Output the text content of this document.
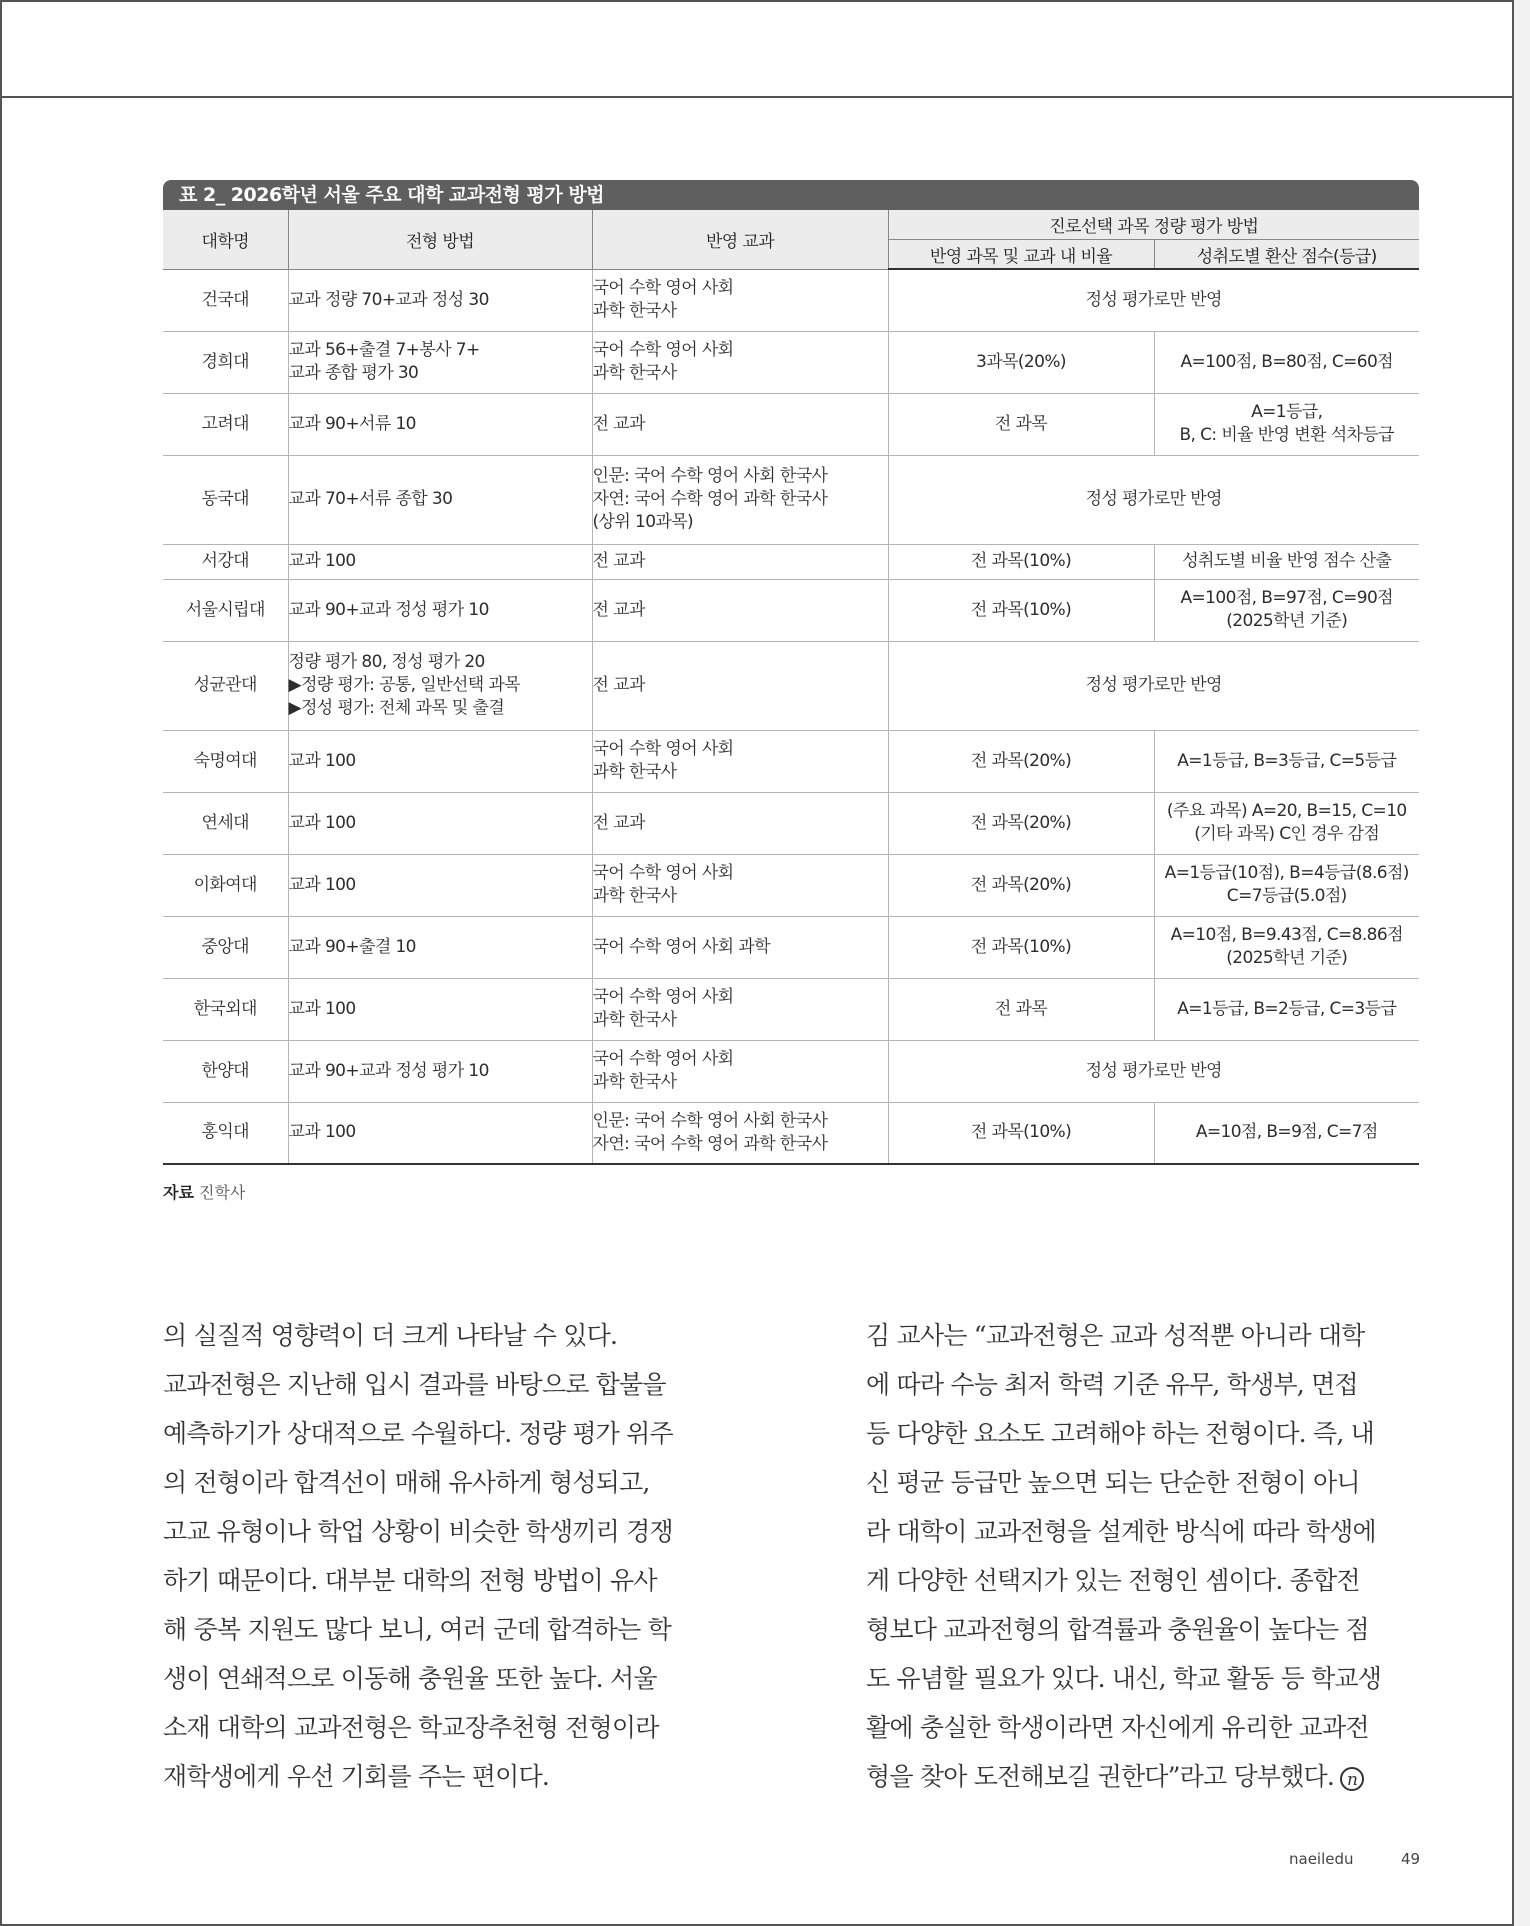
표 2_ 2026학년 서울 주요 대학 교과전형 평가 방법
대학명	전형 방법	반영 교과	진로선택 과목 정량 평가 방법	
			반영 과목 및 교과 내 비율	성취도별 환산 점수(등급)
건국대	교과 정량 70+교과 정성 30	국어 수학 영어 사회
과학 한국사	정성 평가로만 반영	
경희대	교과 56+출결 7+봉사 7+
교과 종합 평가 30	국어 수학 영어 사회
과학 한국사	3과목(20%)	A=100점, B=80점, C=60점

고려대	교과 90+서류 10	전 교과	전 과목	A=1등급,
B, C: 비율 반영 변환 석차등급

동국대	교과 70+서류 종합 30	인문: 국어 수학 영어 사회 한국사
자연: 국어 수학 영어 과학 한국사
(상위 10과목)	정성 평가로만 반영	
서강대	교과 100	전 교과	전 과목(10%)	성취도별 비율 반영 점수 산출

서울시립대	교과 90+교과 정성 평가 10	전 교과	전 과목(10%)	A=100점, B=97점, C=90점
(2025학년 기준)

성균관대	정량 평가 80, 정성 평가 20
▶정량 평가: 공통, 일반선택 과목
▶정성 평가: 전체 과목 및 출결	전 교과	정성 평가로만 반영	
숙명여대	교과 100	국어 수학 영어 사회
과학 한국사	전 과목(20%)	A=1등급, B=3등급, C=5등급

연세대	교과 100	전 교과	전 과목(20%)	(주요 과목) A=20, B=15, C=10
(기타 과목) C인 경우 감점

이화여대	교과 100	국어 수학 영어 사회
과학 한국사	전 과목(20%)	A=1등급(10점), B=4등급(8.6점)
C=7등급(5.0점)

중앙대	교과 90+출결 10	국어 수학 영어 사회 과학	전 과목(10%)	A=10점, B=9.43점, C=8.86점
(2025학년 기준)

한국외대	교과 100	국어 수학 영어 사회
과학 한국사	전 과목	A=1등급, B=2등급, C=3등급

한양대	교과 90+교과 정성 평가 10	국어 수학 영어 사회
과학 한국사	정성 평가로만 반영	
홍익대	교과 100	인문: 국어 수학 영어 사회 한국사
자연: 국어 수학 영어 과학 한국사	전 과목(10%)	A=10점, B=9점, C=7점
자료 진학사
의 실질적 영향력이 더 크게 나타날 수 있다.
교과전형은 지난해 입시 결과를 바탕으로 합불을
예측하기가 상대적으로 수월하다. 정량 평가 위주
의 전형이라 합격선이 매해 유사하게 형성되고,
고교 유형이나 학업 상황이 비슷한 학생끼리 경쟁
하기 때문이다. 대부분 대학의 전형 방법이 유사
해 중복 지원도 많다 보니, 여러 군데 합격하는 학
생이 연쇄적으로 이동해 충원율 또한 높다. 서울
소재 대학의 교과전형은 학교장추천형 전형이라
재학생에게 우선 기회를 주는 편이다.
김 교사는 “교과전형은 교과 성적뿐 아니라 대학
에 따라 수능 최저 학력 기준 유무, 학생부, 면접
등 다양한 요소도 고려해야 하는 전형이다. 즉, 내
신 평균 등급만 높으면 되는 단순한 전형이 아니
라 대학이 교과전형을 설계한 방식에 따라 학생에
게 다양한 선택지가 있는 전형인 셈이다. 종합전
형보다 교과전형의 합격률과 충원율이 높다는 점
도 유념할 필요가 있다. 내신, 학교 활동 등 학교생
활에 충실한 학생이라면 자신에게 유리한 교과전
형을 찾아 도전해보길 권한다”라고 당부했다. n
naeiledu	49
